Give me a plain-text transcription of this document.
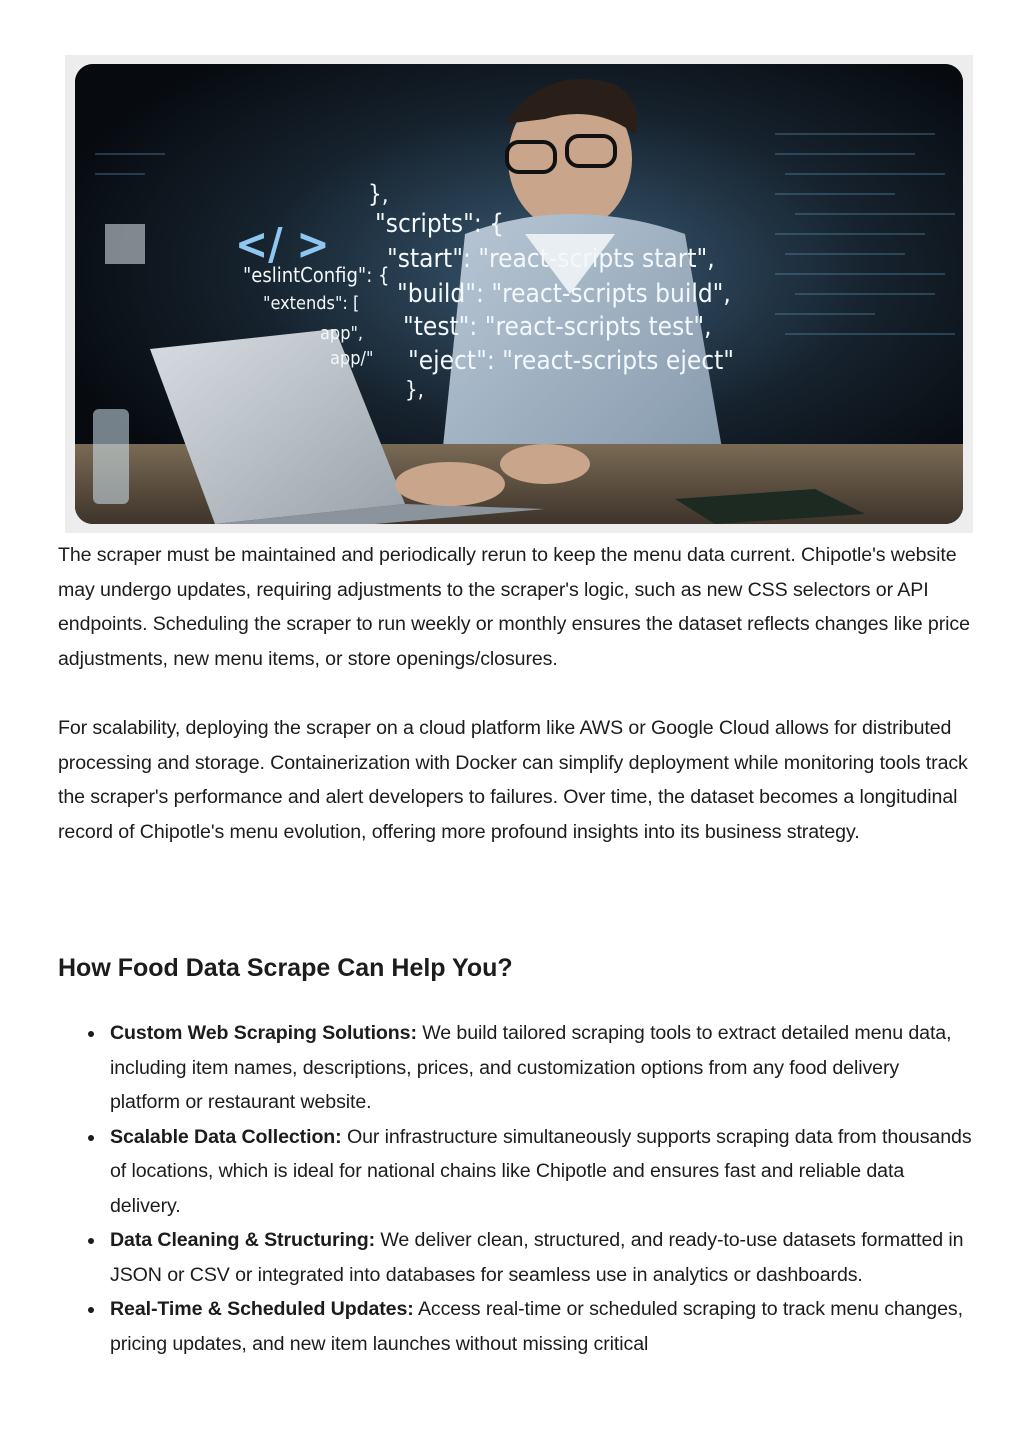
},
"scripts": {
"start": "react-scripts start",
"build": "react-scripts build",
"test": "react-scripts test",
"eject": "react-scripts eject"
},
</ >
"eslintConfig": {
"extends": [
app",
app/"

The scraper must be maintained and periodically rerun to keep the menu data current. Chipotle's website may undergo updates, requiring adjustments to the scraper's logic, such as new CSS selectors or API endpoints. Scheduling the scraper to run weekly or monthly ensures the dataset reflects changes like price adjustments, new menu items, or store openings/closures.

For scalability, deploying the scraper on a cloud platform like AWS or Google Cloud allows for distributed processing and storage. Containerization with Docker can simplify deployment while monitoring tools track the scraper's performance and alert developers to failures. Over time, the dataset becomes a longitudinal record of Chipotle's menu evolution, offering more profound insights into its business strategy.

How Food Data Scrape Can Help You?
Custom Web Scraping Solutions: We build tailored scraping tools to extract detailed menu data, including item names, descriptions, prices, and customization options from any food delivery platform or restaurant website.
Scalable Data Collection: Our infrastructure simultaneously supports scraping data from thousands of locations, which is ideal for national chains like Chipotle and ensures fast and reliable data delivery.
Data Cleaning & Structuring: We deliver clean, structured, and ready-to-use datasets formatted in JSON or CSV or integrated into databases for seamless use in analytics or dashboards.
Real-Time & Scheduled Updates: Access real-time or scheduled scraping to track menu changes, pricing updates, and new item launches without missing critical
